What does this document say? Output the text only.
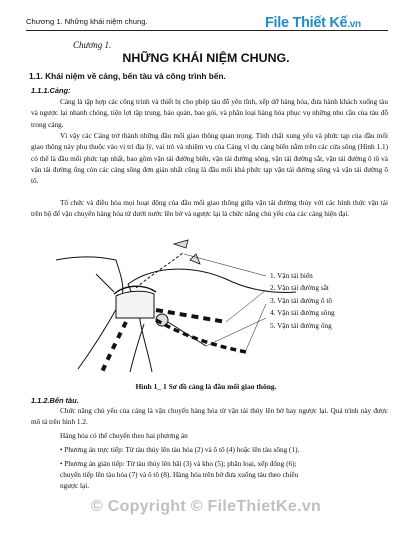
Chương 1. Những khái niệm chung.	File Thiết Kế.vn
Chương 1.
NHỮNG KHÁI NIỆM CHUNG.
1.1. Khái niệm về cảng, bến tàu và công trình bến.
1.1.1.Cảng:

Cảng là tập hợp các công trình và thiết bị cho phép tàu đỗ yên tĩnh, xếp dỡ hàng hóa, đưa hành khách xuống tàu và ngược lại nhanh chóng, tiện lợi tập trung, bảo quản, bao gói, và phân loại hàng hóa phục vụ những nhu cầu của tàu đỗ trong cảng.

Vì vậy các Cảng trở thành những đầu mối giao thông quan trọng. Tính chất xung yếu và phức tạp của đầu mối giao thông này phụ thuộc vào vị trí địa lý, vai trò và nhiệm vụ của Cảng ví dụ cảng biển nằm trên các cửa sông (Hình 1.1) có thể là đầu mối phức tạp nhất, bao gồm vận tải đường biển, vận tải đường sông, vận tải đường sắt, vận tải đường ô tô và vận tải đường ống còn các cảng sông đơn giản nhất cũng là đầu mối khá phức tạp vận tải đường sông và vận tải đường ô tô.

Tổ chức và điều hòa mọi hoạt động của đầu mối giao thông giữa vận tải đường thủy với các hình thức vận tải trên bộ để vận chuyển hàng hóa từ dưới nước lên bờ và ngược lại là chức năng chủ yếu của các cảng hiện đại.

1. Vận tải biển
2. Vận tải đường sắt
3. Vận tải đường ô tô
4. Vận tải đường sông
5. Vận tải đường ống
Hình 1_ 1 Sơ đồ cảng là đầu mối giao thông.
1.1.2.Bến tàu.

Chức năng chủ yếu của cảng là vận chuyển hàng hóa từ vận tải thủy lên bờ hay ngược lại. Quá trình này được mô tả trên hình 1.2.

Hàng hóa có thể chuyển theo hai phương án
• Phương án trực tiếp: Từ tàu thủy lên tàu hỏa (2) và ô tô (4) hoặc lên tàu sông (1).
• Phương án gián tiếp: Từ tàu thủy lên bãi (3) và kho (5); phân loại, xếp đống (6);
chuyển tiếp lên tàu hỏa (7) và ô tô (8). Hàng hóa trên bờ đưa xuống tàu theo chiều
ngược lại.
© Copyright © FileThietKe.vn
